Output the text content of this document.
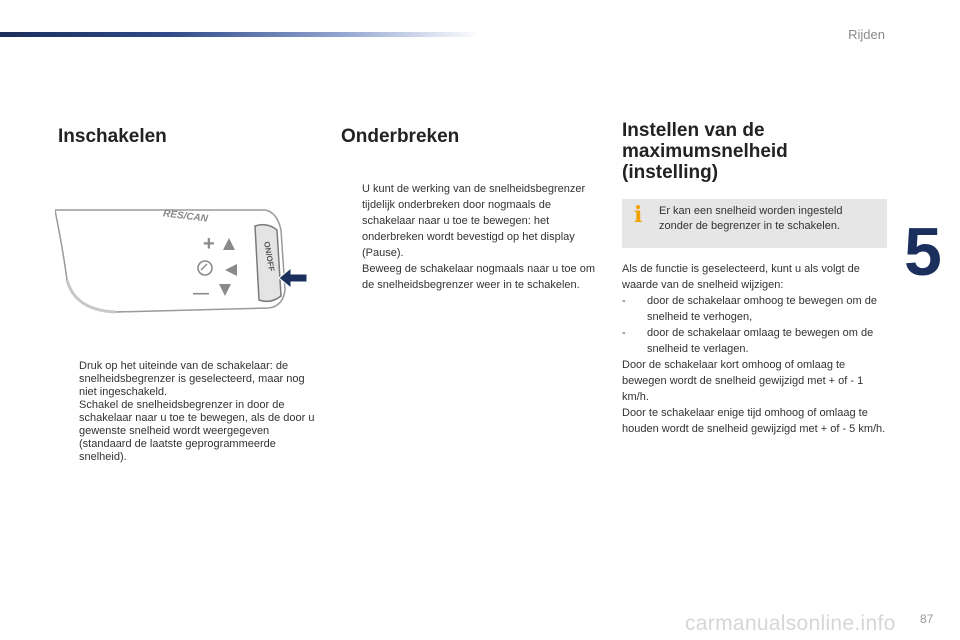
Rijden
5
Inschakelen
Druk op het uiteinde van de schakelaar: de snelheidsbegrenzer is geselecteerd, maar nog niet ingeschakeld.
Schakel de snelheidsbegrenzer in door de schakelaar naar u toe te bewegen, als de door u gewenste snelheid wordt weergegeven (standaard de laatste geprogrammeerde snelheid).
RES/CAN
+
—
ON/OFF
Onderbreken
U kunt de werking van de snelheidsbegrenzer tijdelijk onderbreken door nogmaals de schakelaar naar u toe te bewegen: het onderbreken wordt bevestigd op het display (Pause).
Beweeg de schakelaar nogmaals naar u toe om de snelheidsbegrenzer weer in te schakelen.
Instellen van de
maximumsnelheid (instelling)
i Er kan een snelheid worden ingesteld zonder de begrenzer in te schakelen.
Als de functie is geselecteerd, kunt u als volgt de waarde van de snelheid wijzigen:
- door de schakelaar omhoog te bewegen om de snelheid te verhogen,
- door de schakelaar omlaag te bewegen om de snelheid te verlagen.
Door de schakelaar kort omhoog of omlaag te bewegen wordt de snelheid gewijzigd met + of - 1 km/h.
Door te schakelaar enige tijd omhoog of omlaag te houden wordt de snelheid gewijzigd met + of - 5 km/h.
carmanualsonline.info 87
